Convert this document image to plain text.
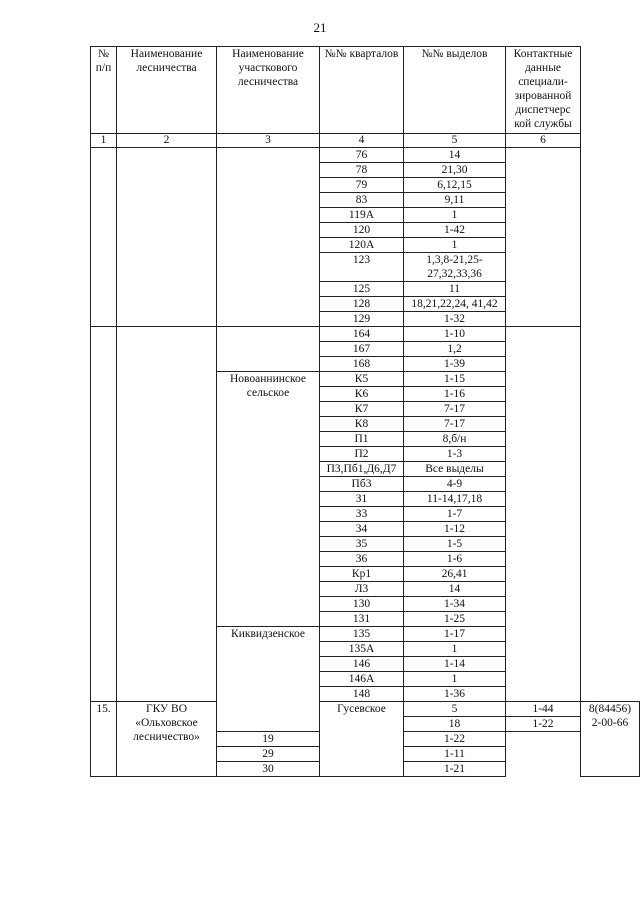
21
№ п/п	Наименование лесничества	Наименование участкового лесничества	№№ кварталов	№№ выделов	Контактные данные специали-зированной диспетчерс кой службы	
1	2	3	4	5	6	
			76	14		
			78	21,30		
			79	6,12,15		
			83	9,11		
			119А	1		
			120	1-42		
			120А	1		
			123	1,3,8-21,25-27,32,33,36		
			125	11		
			128	18,21,22,24, 41,42		
			129	1-32		
			164	1-10		
			167	1,2		
			168	1-39		
		Новоаннинское сельское	К5	1-15		
			К6	1-16		
			К7	7-17		
			К8	7-17		
			П1	8,б/н		
			П2	1-3		
			П3,Пб1,Д6,Д7	Все выделы		
			Пб3	4-9		
			З1	11-14,17,18		
			З3	1-7		
			З4	1-12		
			З5	1-5		
			З6	1-6		
			Кр1	26,41		
			Л3	14		
			130	1-34		
			131	1-25		
		Киквидзенское	135	1-17		
			135А	1		
			146	1-14		
			146А	1		
			148	1-36		
15.	ГКУ ВО «Ольховское лесничество»		Гусевское	5	1-44	8(84456) 2-00-66
				18	1-22	
		19		1-22		
		29		1-11		
		30		1-21		
